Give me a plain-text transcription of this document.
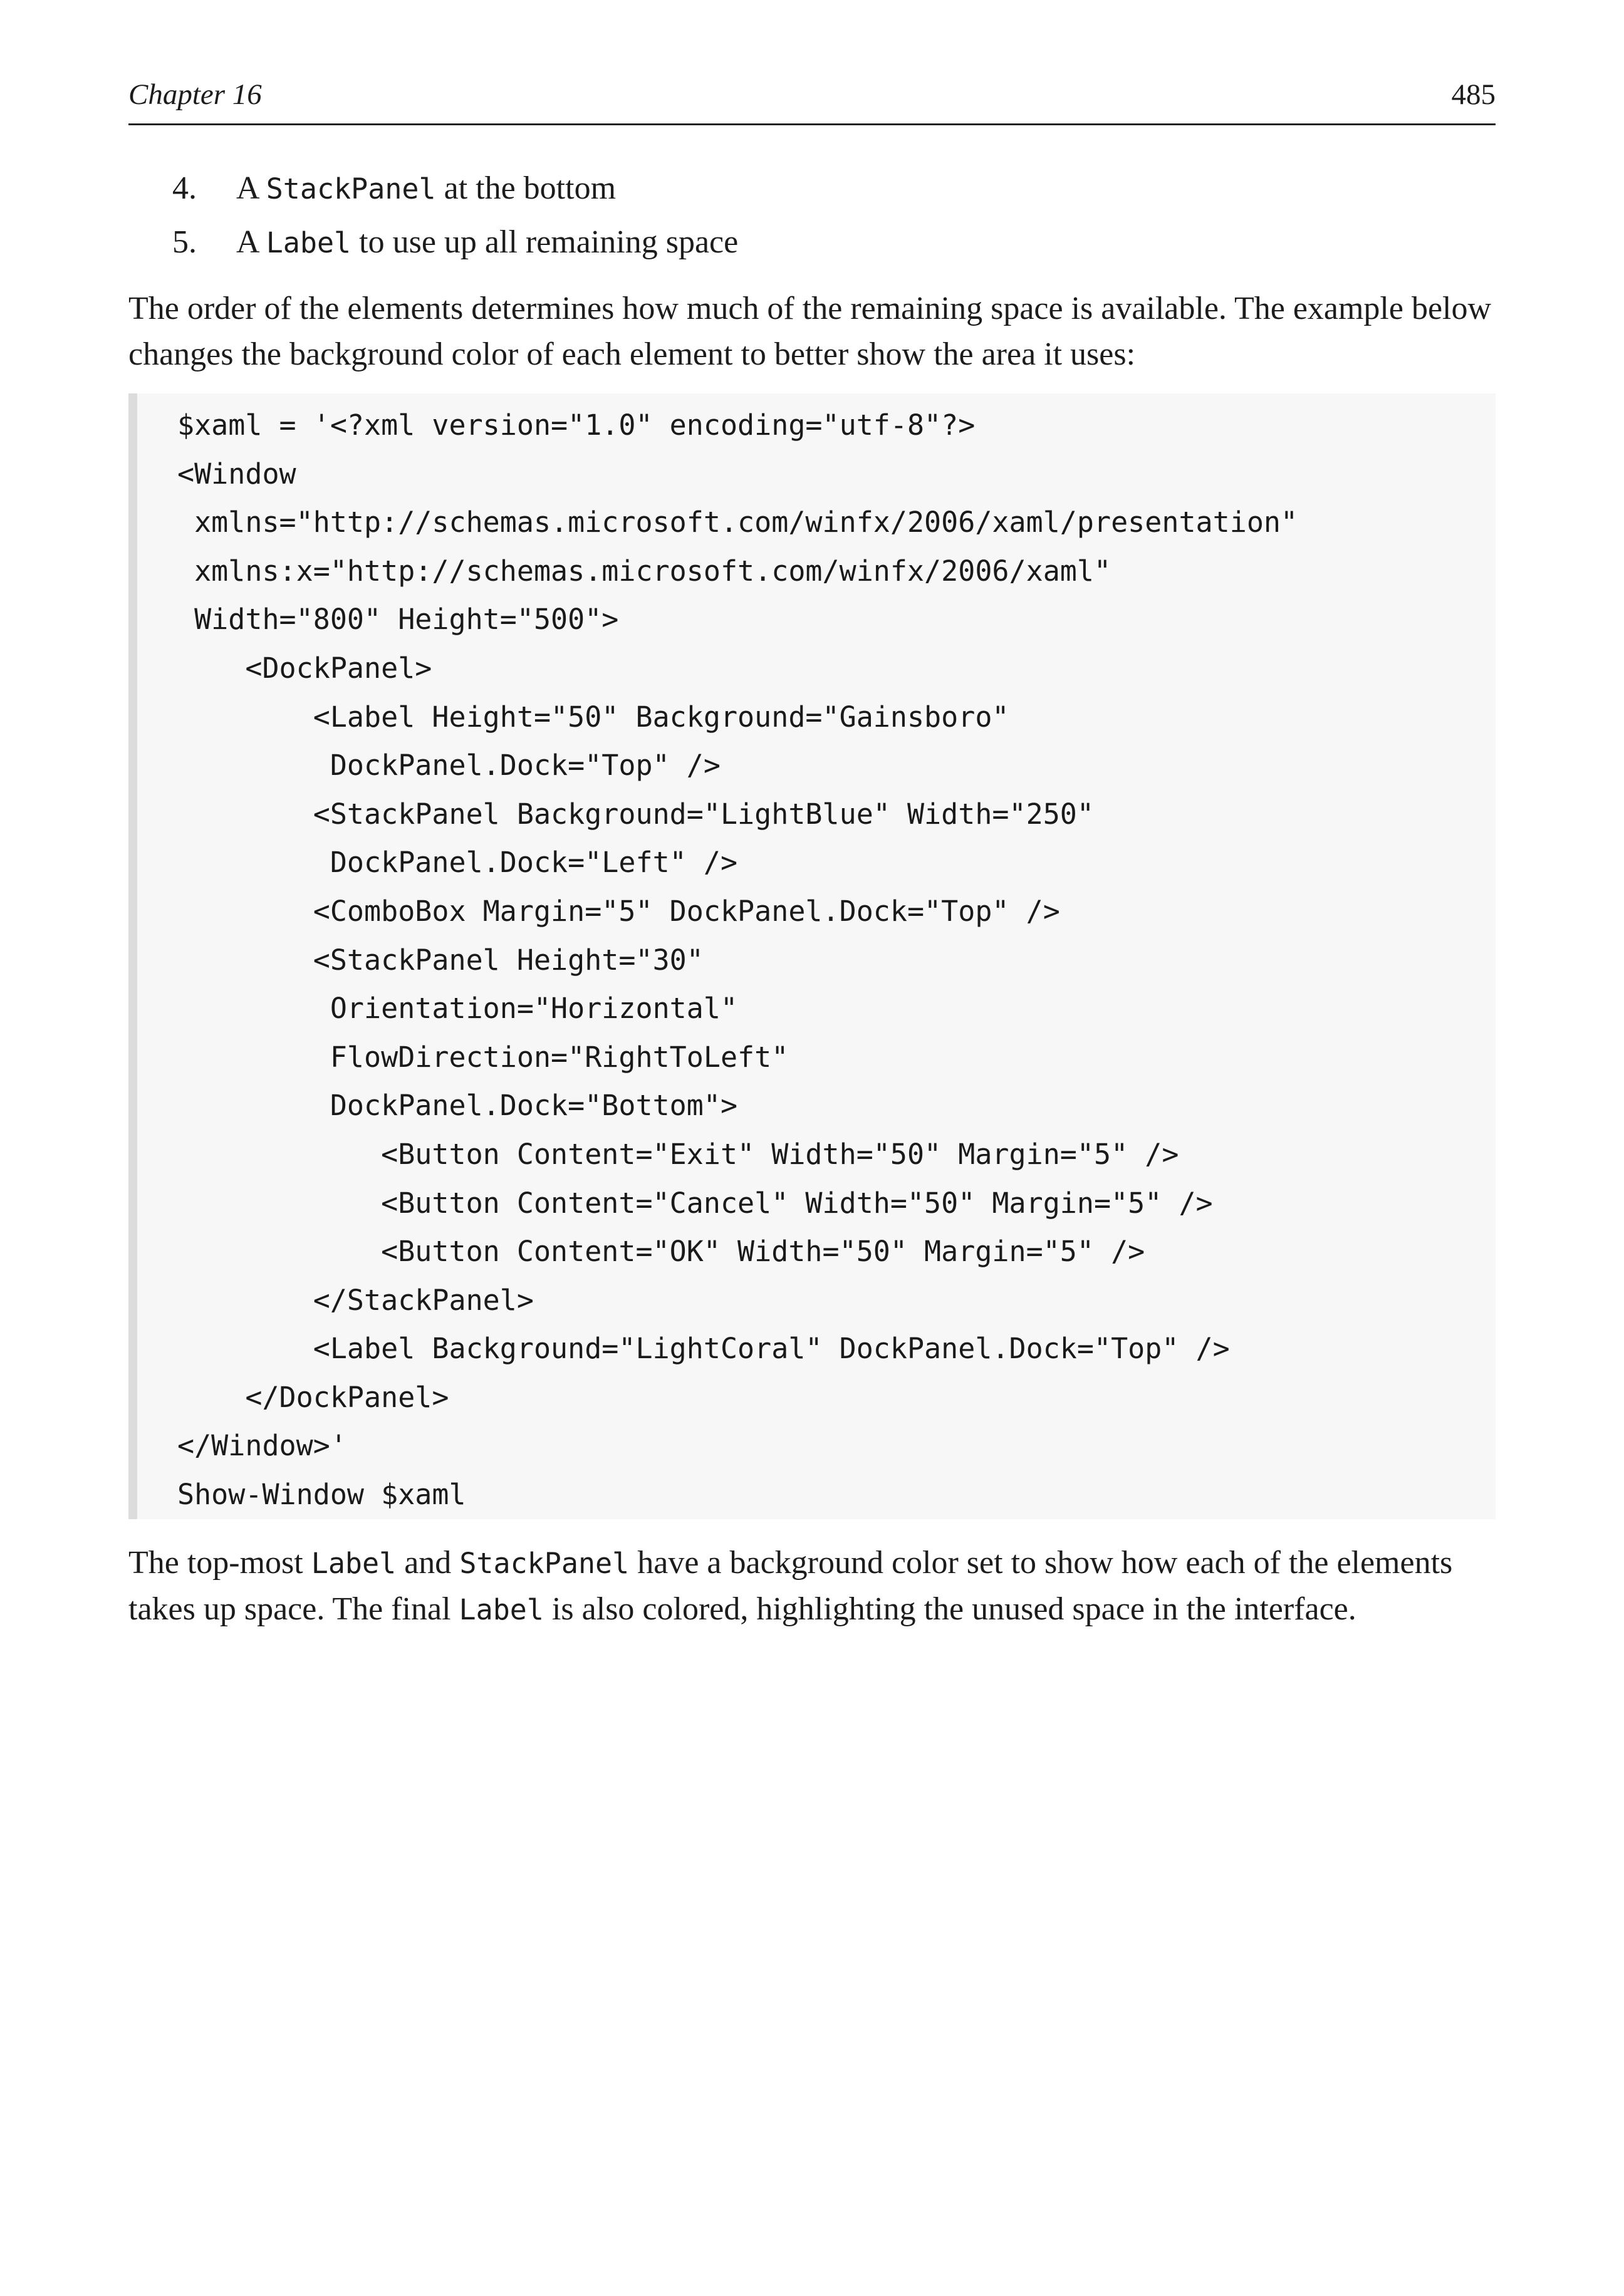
Chapter 16	485
4. A StackPanel at the bottom
5. A Label to use up all remaining space

The order of the elements determines how much of the remaining space is available. The example below changes the background color of each element to better show the area it uses:

$xaml = '<?xml version="1.0" encoding="utf-8"?>
<Window
xmlns="http://schemas.microsoft.com/winfx/2006/xaml/presentation"
xmlns:x="http://schemas.microsoft.com/winfx/2006/xaml"
Width="800" Height="500">
<DockPanel>
<Label Height="50" Background="Gainsboro"
DockPanel.Dock="Top" />
<StackPanel Background="LightBlue" Width="250"
DockPanel.Dock="Left" />
<ComboBox Margin="5" DockPanel.Dock="Top" />
<StackPanel Height="30"
Orientation="Horizontal"
FlowDirection="RightToLeft"
DockPanel.Dock="Bottom">
<Button Content="Exit" Width="50" Margin="5" />
<Button Content="Cancel" Width="50" Margin="5" />
<Button Content="OK" Width="50" Margin="5" />
</StackPanel>
<Label Background="LightCoral" DockPanel.Dock="Top" />
</DockPanel>
</Window>'
Show-Window $xaml

The top-most Label and StackPanel have a background color set to show how each of the elements takes up space. The final Label is also colored, highlighting the unused space in the interface.
